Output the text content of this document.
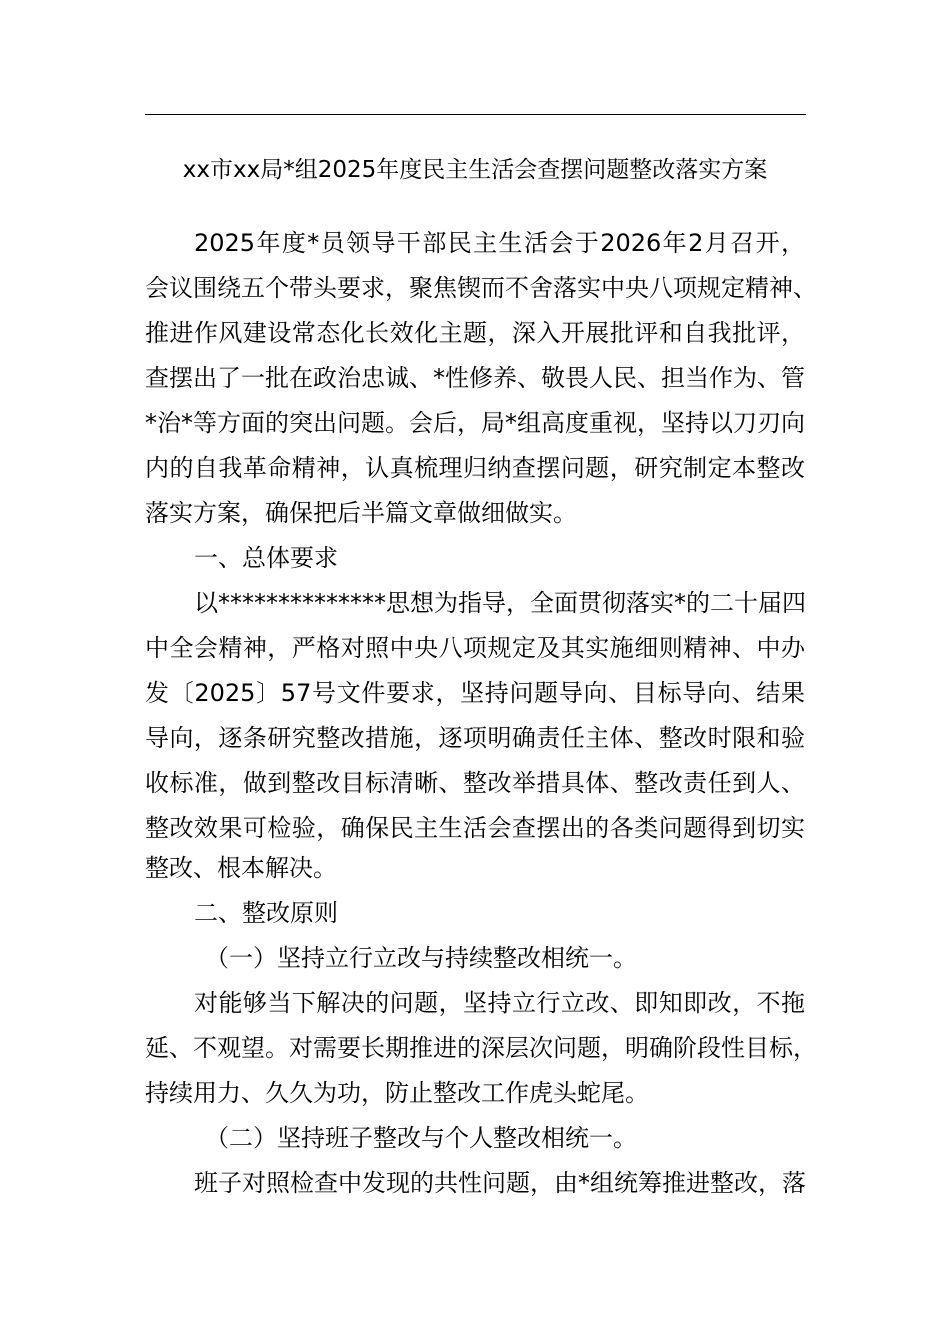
xx市xx局*组2025年度民主生活会查摆问题整改落实方案
2025年度*员领导干部民主生活会于2026年2月召开，
会议围绕五个带头要求，聚焦锲而不舍落实中央八项规定精神、
推进作风建设常态化长效化主题，深入开展批评和自我批评，
查摆出了一批在政治忠诚、*性修养、敬畏人民、担当作为、管
*治*等方面的突出问题。会后，局*组高度重视，坚持以刀刃向
内的自我革命精神，认真梳理归纳查摆问题，研究制定本整改
落实方案，确保把后半篇文章做细做实。
一、总体要求
以**************思想为指导，全面贯彻落实*的二十届四
中全会精神，严格对照中央八项规定及其实施细则精神、中办
发〔2025〕57号文件要求，坚持问题导向、目标导向、结果
导向，逐条研究整改措施，逐项明确责任主体、整改时限和验
收标准，做到整改目标清晰、整改举措具体、整改责任到人、
整改效果可检验，确保民主生活会查摆出的各类问题得到切实
整改、根本解决。
二、整改原则
（一）坚持立行立改与持续整改相统一。
对能够当下解决的问题，坚持立行立改、即知即改，不拖
延、不观望。对需要长期推进的深层次问题，明确阶段性目标，
持续用力、久久为功，防止整改工作虎头蛇尾。
（二）坚持班子整改与个人整改相统一。
班子对照检查中发现的共性问题，由*组统筹推进整改，落
